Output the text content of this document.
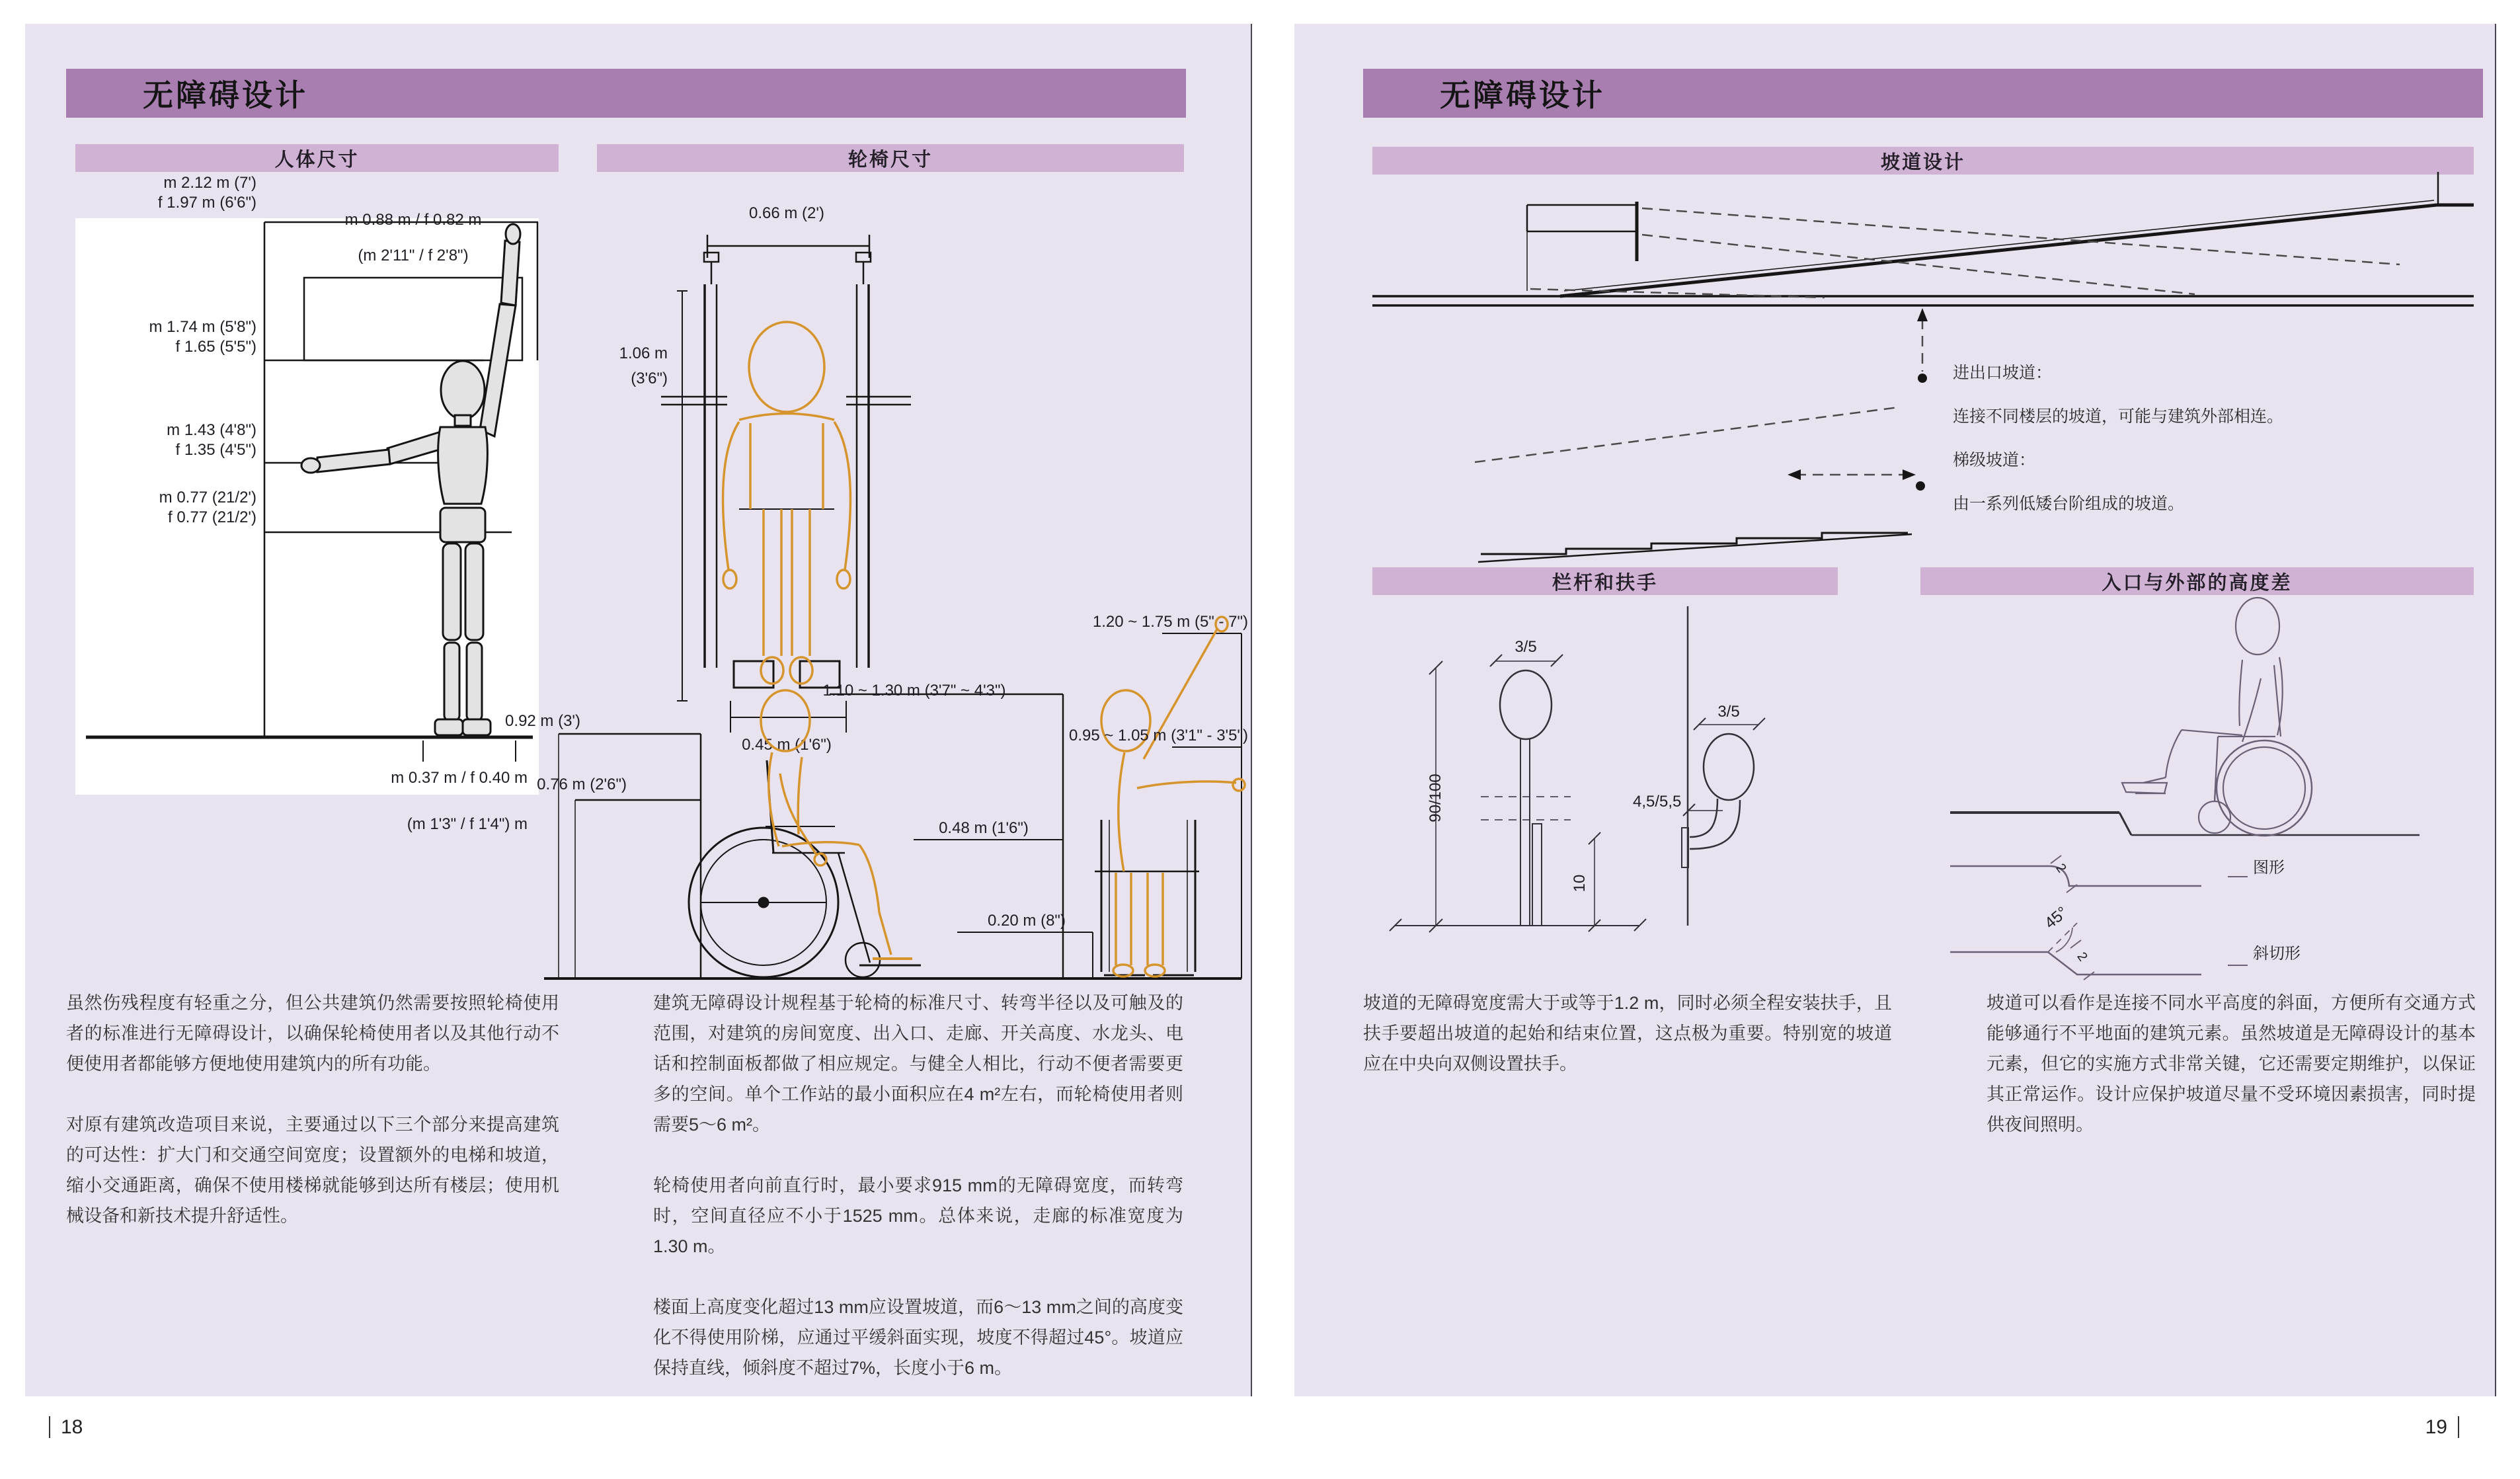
无障碍设计
人体尺寸	轮椅尺寸
m 2.12 m (7')
f 1.97 m (6'6")
m 0.88 m / f 0.82 m
(m 2'11" / f 2'8")
m 1.74 m (5'8")
f 1.65 (5'5")
m 1.43 (4'8")
f 1.35 (4'5")
m 0.77 (21/2')
f 0.77 (21/2')
m 0.37 m / f 0.40 m
(m 1'3" / f 1'4") m
0.66 m (2')
1.06 m
(3'6")
0.45 m (1'6")
0.92 m (3')
0.76 m (2'6")
1.10 ~ 1.30 m (3'7" ~ 4'3")
0.48 m (1'6")
0.20 m (8")
1.20 ~ 1.75 m (5" - 7")
0.95 ~ 1.05 m (3'1" - 3'5")

虽然伤残程度有轻重之分，但公共建筑仍然需要按照轮椅使用者的标准进行无障碍设计，以确保轮椅使用者以及其他行动不便使用者都能够方便地使用建筑内的所有功能。

对原有建筑改造项目来说，主要通过以下三个部分来提高建筑的可达性：扩大门和交通空间宽度；设置额外的电梯和坡道，缩小交通距离，确保不使用楼梯就能够到达所有楼层；使用机械设备和新技术提升舒适性。

建筑无障碍设计规程基于轮椅的标准尺寸、转弯半径以及可触及的范围，对建筑的房间宽度、出入口、走廊、开关高度、水龙头、电话和控制面板都做了相应规定。与健全人相比，行动不便者需要更多的空间。单个工作站的最小面积应在4 m²左右，而轮椅使用者则需要5～6 m²。

轮椅使用者向前直行时，最小要求915 mm的无障碍宽度，而转弯时，空间直径应不小于1525 mm。总体来说，走廊的标准宽度为1.30 m。

楼面上高度变化超过13 mm应设置坡道，而6～13 mm之间的高度变化不得使用阶梯，应通过平缓斜面实现，坡度不得超过45°。坡道应保持直线，倾斜度不超过7%，长度小于6 m。

无障碍设计
坡道设计
进出口坡道：
连接不同楼层的坡道，可能与建筑外部相连。
梯级坡道：
由一系列低矮台阶组成的坡道。
栏杆和扶手	入口与外部的高度差
3/5
90/100
10
3/5
4,5/5,5
图形
斜切形
45°
2
2

坡道的无障碍宽度需大于或等于1.2 m，同时必须全程安装扶手，且扶手要超出坡道的起始和结束位置，这点极为重要。特别宽的坡道应在中央向双侧设置扶手。

坡道可以看作是连接不同水平高度的斜面，方便所有交通方式能够通行不平地面的建筑元素。虽然坡道是无障碍设计的基本元素，但它的实施方式非常关键，它还需要定期维护，以保证其正常运作。设计应保护坡道尽量不受环境因素损害，同时提供夜间照明。

18	19
